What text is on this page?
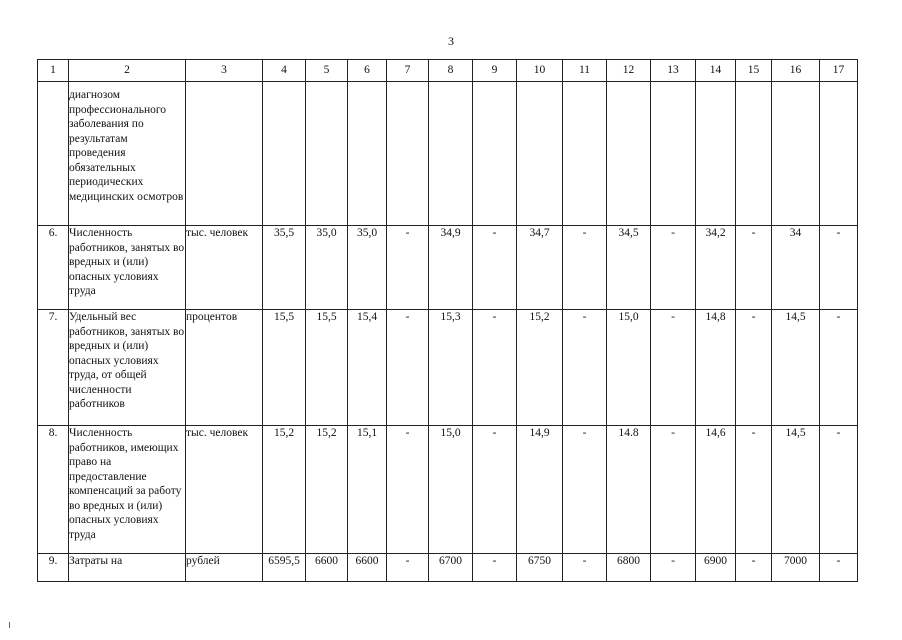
3
1	2	3	4	5	6	7	8	9	10	11	12	13	14	15	16	17
	диагнозом профессионального заболевания по результатам проведения обязательных периодических медицинских осмотров															
6.	Численность работников, занятых во вредных и (или) опасных условиях труда	тыс. человек	35,5	35,0	35,0	-	34,9	-	34,7	-	34,5	-	34,2	-	34	-
7.	Удельный вес работников, занятых во вредных и (или) опасных условиях труда, от общей численности работников	процентов	15,5	15,5	15,4	-	15,3	-	15,2	-	15,0	-	14,8	-	14,5	-
8.	Численность работников, имеющих право на предоставление компенсаций за работу во вредных и (или) опасных условиях труда	тыс. человек	15,2	15,2	15,1	-	15,0	-	14,9	-	14.8	-	14,6	-	14,5	-
9.	Затраты на	рублей	6595,5	6600	6600	-	6700	-	6750	-	6800	-	6900	-	7000	-
